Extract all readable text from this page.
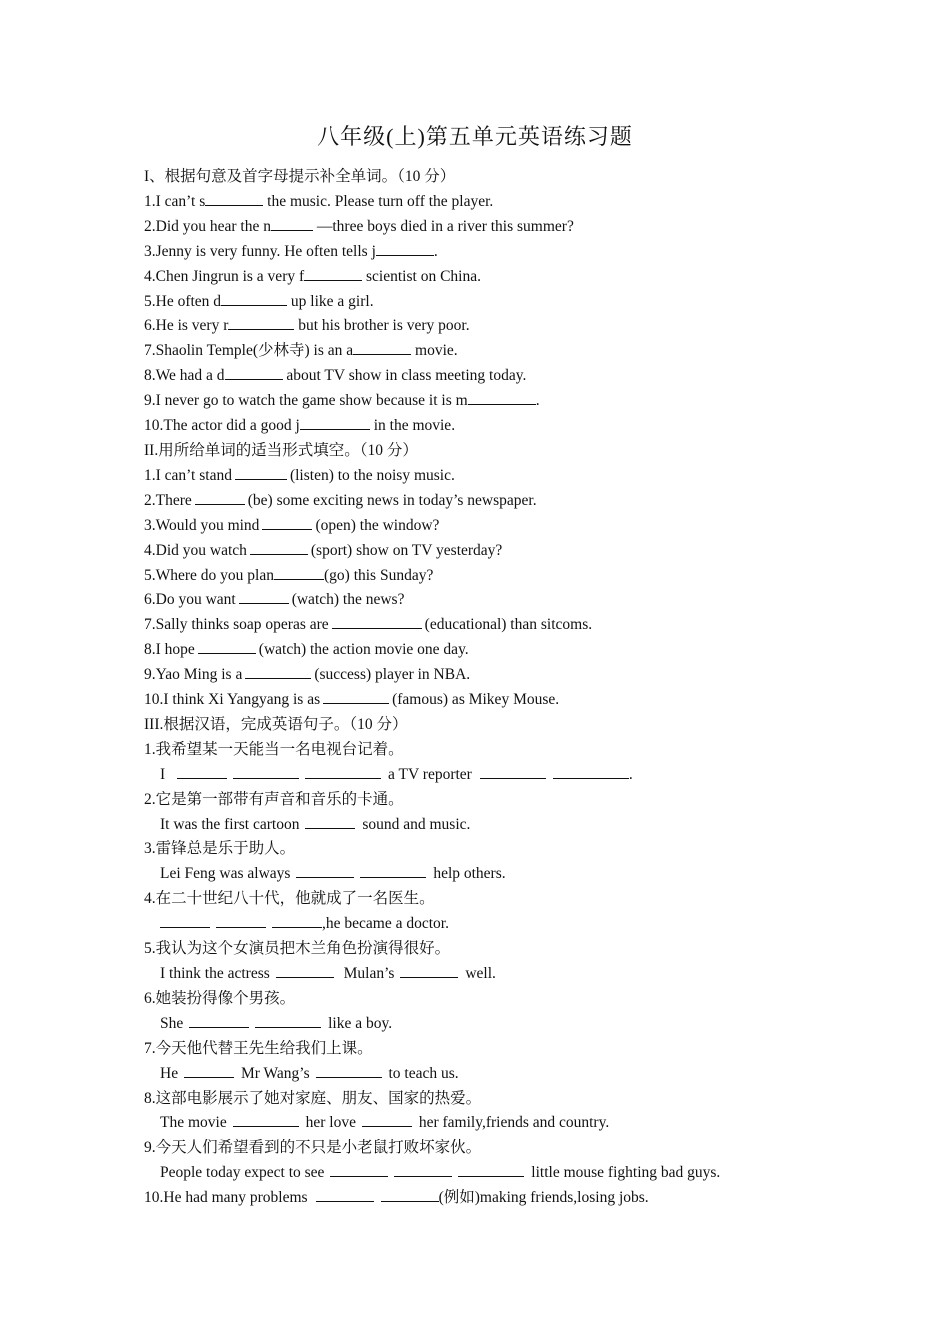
八年级(上)第五单元英语练习题
I、根据句意及首字母提示补全单词。（10 分）
1.I can’t s	the music. Please turn off the player.
2.Did you hear the n	—three boys died in a river this summer?
3.Jenny is very funny. He often tells j	.
4.Chen Jingrun is a very f	scientist on China.
5.He often d	up like a girl.
6.He is very r	but his brother is very poor.
7.Shaolin Temple(少林寺) is an a	movie.
8.We had a d	about TV show in class meeting today.
9.I never go to watch the game show because it is m	.
10.The actor did a good j	in the movie.
II.用所给单词的适当形式填空。（10 分）
1.I can’t stand	(listen) to the noisy music.
2.There	(be) some exciting news in today’s newspaper.
3.Would you mind	(open) the window?
4.Did you watch	(sport) show on TV yesterday?
5.Where do you plan	(go) this Sunday?
6.Do you want	(watch) the news?
7.Sally thinks soap operas are	(educational) than sitcoms.
8.I hope	(watch) the action movie one day.
9.Yao Ming is a	(success) player in NBA.
10.I think Xi Yangyang is as	(famous) as Mikey Mouse.
III.根据汉语，完成英语句子。（10 分）
1.我希望某一天能当一名电视台记着。
I	a TV reporter	.
2.它是第一部带有声音和音乐的卡通。
It was the first cartoon	sound and music.
3.雷锋总是乐于助人。
Lei Feng was always	help others.
4.在二十世纪八十代，他就成了一名医生。
,he became a doctor.
5.我认为这个女演员把木兰角色扮演得很好。
I think the actress	Mulan’s	well.
6.她装扮得像个男孩。
She	like a boy.
7.今天他代替王先生给我们上课。
He	Mr Wang’s	to teach us.
8.这部电影展示了她对家庭、朋友、国家的热爱。
The movie	her love	her family,friends and country.
9.今天人们希望看到的不只是小老鼠打败坏家伙。
People today expect to see	little mouse fighting bad guys.
10.He had many problems	(例如)making friends,losing jobs.
